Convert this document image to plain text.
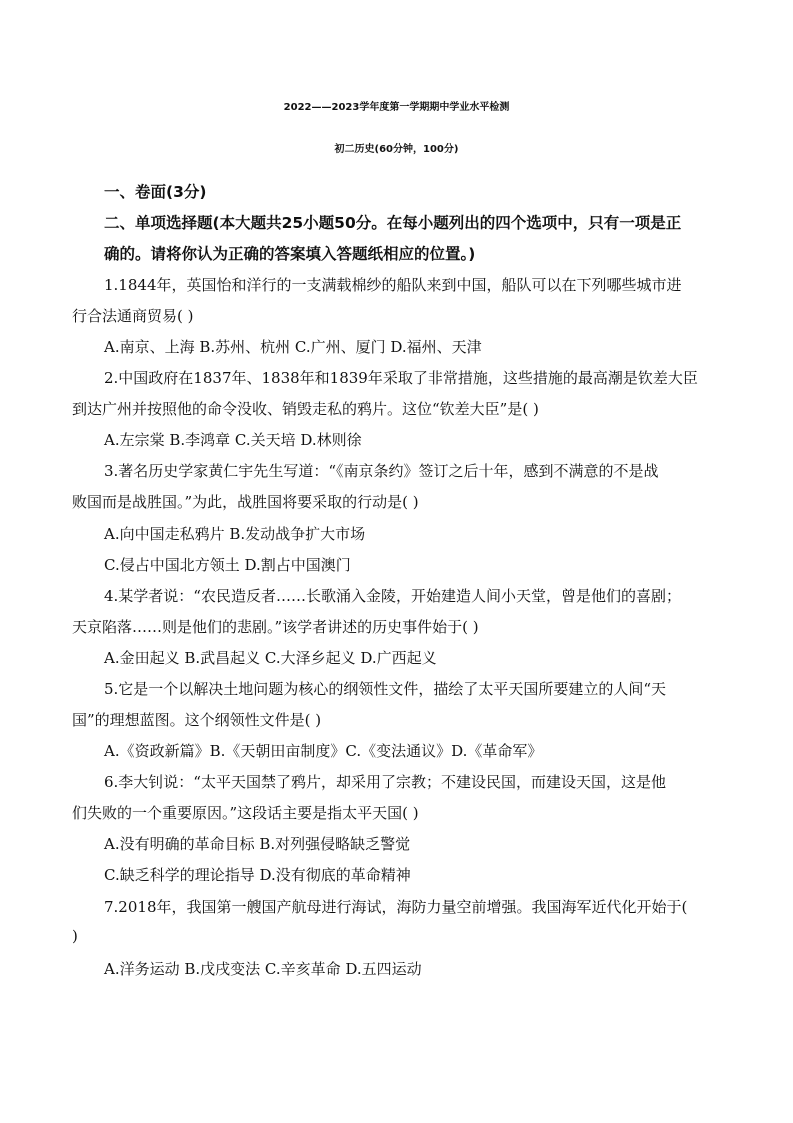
2022——2023学年度第一学期期中学业水平检测
初二历史(60分钟，100分)
一、卷面(3分)
二、单项选择题(本大题共25小题50分。在每小题列出的四个选项中，只有一项是正
确的。请将你认为正确的答案填入答题纸相应的位置。)
1.1844年，英国怡和洋行的一支满载棉纱的船队来到中国，船队可以在下列哪些城市进
行合法通商贸易( )
A.南京、上海 B.苏州、杭州 C.广州、厦门 D.福州、天津
2.中国政府在1837年、1838年和1839年采取了非常措施，这些措施的最高潮是钦差大臣
到达广州并按照他的命令没收、销毁走私的鸦片。这位“钦差大臣”是( )
A.左宗棠 B.李鸿章 C.关天培 D.林则徐
3.著名历史学家黄仁宇先生写道：“《南京条约》签订之后十年，感到不满意的不是战
败国而是战胜国。”为此，战胜国将要采取的行动是( )
A.向中国走私鸦片 B.发动战争扩大市场
C.侵占中国北方领土 D.割占中国澳门
4.某学者说：“农民造反者……长歌涌入金陵，开始建造人间小天堂，曾是他们的喜剧；
天京陷落……则是他们的悲剧。”该学者讲述的历史事件始于( )
A.金田起义 B.武昌起义 C.大泽乡起义 D.广西起义
5.它是一个以解决土地问题为核心的纲领性文件，描绘了太平天国所要建立的人间“天
国”的理想蓝图。这个纲领性文件是( )
A.《资政新篇》B.《天朝田亩制度》C.《变法通议》D.《革命军》
6.李大钊说：“太平天国禁了鸦片，却采用了宗教；不建设民国，而建设天国，这是他
们失败的一个重要原因。”这段话主要是指太平天国( )
A.没有明确的革命目标 B.对列强侵略缺乏警觉
C.缺乏科学的理论指导 D.没有彻底的革命精神
7.2018年，我国第一艘国产航母进行海试，海防力量空前增强。我国海军近代化开始于(
)
A.洋务运动 B.戊戌变法 C.辛亥革命 D.五四运动
